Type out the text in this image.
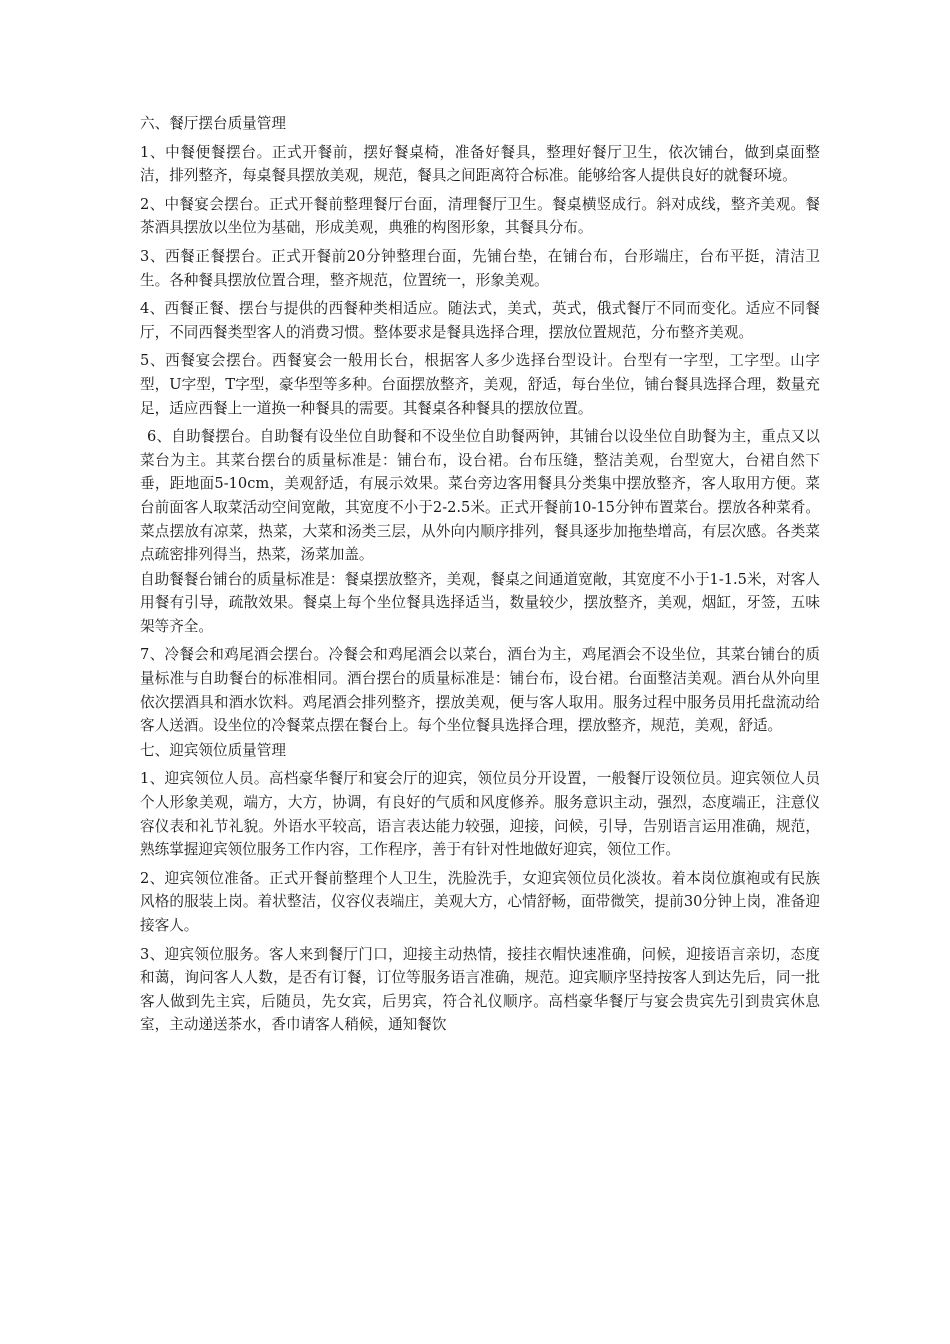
六、餐厅摆台质量管理

1、中餐便餐摆台。正式开餐前，摆好餐桌椅，准备好餐具，整理好餐厅卫生，依次铺台，做到桌面整洁，排列整齐，每桌餐具摆放美观，规范，餐具之间距离符合标准。能够给客人提供良好的就餐环境。

2、中餐宴会摆台。正式开餐前整理餐厅台面，清理餐厅卫生。餐桌横竖成行。斜对成线，整齐美观。餐茶酒具摆放以坐位为基础，形成美观，典雅的构图形象，其餐具分布。

3、西餐正餐摆台。正式开餐前20分钟整理台面，先铺台垫，在铺台布，台形端庄，台布平挺，清洁卫生。各种餐具摆放位置合理，整齐规范，位置统一，形象美观。

4、西餐正餐、摆台与提供的西餐种类相适应。随法式，美式，英式，俄式餐厅不同而变化。适应不同餐厅，不同西餐类型客人的消费习惯。整体要求是餐具选择合理，摆放位置规范，分布整齐美观。

5、西餐宴会摆台。西餐宴会一般用长台，根据客人多少选择台型设计。台型有一字型，工字型。山字型，U字型，T字型，豪华型等多种。台面摆放整齐，美观，舒适，每台坐位，铺台餐具选择合理，数量充足，适应西餐上一道换一种餐具的需要。其餐桌各种餐具的摆放位置。

6、自助餐摆台。自助餐有设坐位自助餐和不设坐位自助餐两钟，其铺台以设坐位自助餐为主，重点又以菜台为主。其菜台摆台的质量标准是：铺台布，设台裙。台布压缝，整洁美观，台型宽大，台裙自然下垂，距地面5-10cm，美观舒适，有展示效果。菜台旁边客用餐具分类集中摆放整齐，客人取用方便。菜台前面客人取菜活动空间宽敞，其宽度不小于2-2.5米。正式开餐前10-15分钟布置菜台。摆放各种菜肴。菜点摆放有凉菜，热菜，大菜和汤类三层，从外向内顺序排列，餐具逐步加拖垫增高，有层次感。各类菜点疏密排列得当，热菜，汤菜加盖。

自助餐餐台铺台的质量标准是：餐桌摆放整齐，美观，餐桌之间通道宽敞，其宽度不小于1-1.5米，对客人用餐有引导，疏散效果。餐桌上每个坐位餐具选择适当，数量较少，摆放整齐，美观，烟缸，牙签，五味架等齐全。

7、冷餐会和鸡尾酒会摆台。冷餐会和鸡尾酒会以菜台，酒台为主，鸡尾酒会不设坐位，其菜台铺台的质量标准与自助餐台的标准相同。酒台摆台的质量标准是：铺台布，设台裙。台面整洁美观。酒台从外向里依次摆酒具和酒水饮料。鸡尾酒会排列整齐，摆放美观，便与客人取用。服务过程中服务员用托盘流动给客人送酒。设坐位的冷餐菜点摆在餐台上。每个坐位餐具选择合理，摆放整齐，规范，美观，舒适。

七、迎宾领位质量管理

1、迎宾领位人员。高档豪华餐厅和宴会厅的迎宾，领位员分开设置，一般餐厅设领位员。迎宾领位人员个人形象美观，端方，大方，协调，有良好的气质和风度修养。服务意识主动，强烈，态度端正，注意仪容仪表和礼节礼貌。外语水平较高，语言表达能力较强，迎接，问候，引导，告别语言运用准确，规范，熟练掌握迎宾领位服务工作内容，工作程序，善于有针对性地做好迎宾，领位工作。

2、迎宾领位准备。正式开餐前整理个人卫生，洗脸洗手，女迎宾领位员化淡妆。着本岗位旗袍或有民族风格的服装上岗。着状整洁，仪容仪表端庄，美观大方，心情舒畅，面带微笑，提前30分钟上岗，准备迎接客人。

3、迎宾领位服务。客人来到餐厅门口，迎接主动热情，接挂衣帽快速准确，问候，迎接语言亲切，态度和蔼，询问客人人数，是否有订餐，订位等服务语言准确，规范。迎宾顺序坚持按客人到达先后，同一批客人做到先主宾，后随员，先女宾，后男宾，符合礼仪顺序。高档豪华餐厅与宴会贵宾先引到贵宾休息室，主动递送茶水，香巾请客人稍候，通知餐饮
